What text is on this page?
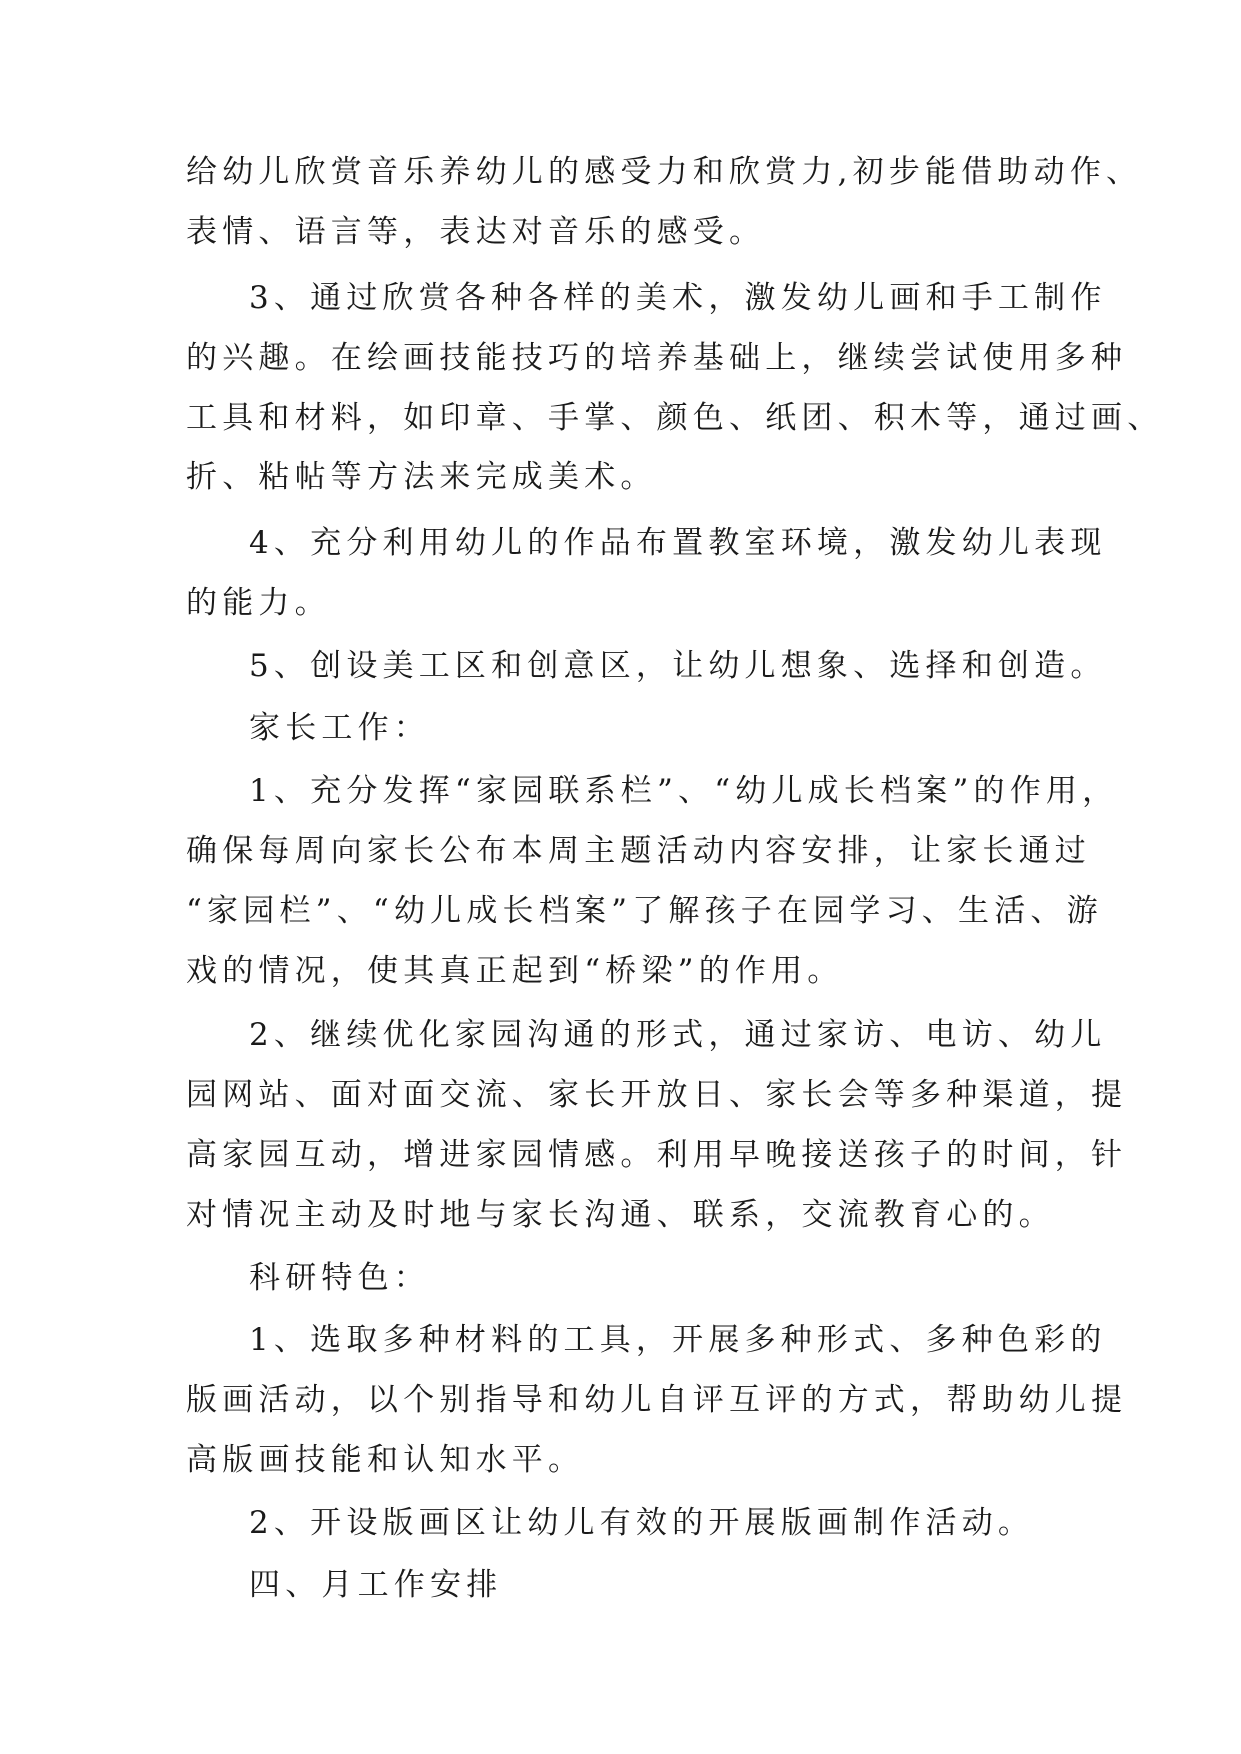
给幼儿欣赏音乐养幼儿的感受力和欣赏力,初步能借助动作、
表情、语言等，表达对音乐的感受。
3、通过欣赏各种各样的美术，激发幼儿画和手工制作
的兴趣。在绘画技能技巧的培养基础上，继续尝试使用多种
工具和材料，如印章、手掌、颜色、纸团、积木等，通过画、
折、粘帖等方法来完成美术。
4、充分利用幼儿的作品布置教室环境，激发幼儿表现
的能力。
5、创设美工区和创意区，让幼儿想象、选择和创造。
家长工作：
1、充分发挥“家园联系栏”、“幼儿成长档案”的作用，
确保每周向家长公布本周主题活动内容安排，让家长通过
“家园栏”、“幼儿成长档案”了解孩子在园学习、生活、游
戏的情况，使其真正起到“桥梁”的作用。
2、继续优化家园沟通的形式，通过家访、电访、幼儿
园网站、面对面交流、家长开放日、家长会等多种渠道，提
高家园互动，增进家园情感。利用早晚接送孩子的时间，针
对情况主动及时地与家长沟通、联系，交流教育心的。
科研特色：
1、选取多种材料的工具，开展多种形式、多种色彩的
版画活动，以个别指导和幼儿自评互评的方式，帮助幼儿提
高版画技能和认知水平。
2、开设版画区让幼儿有效的开展版画制作活动。
四、月工作安排
